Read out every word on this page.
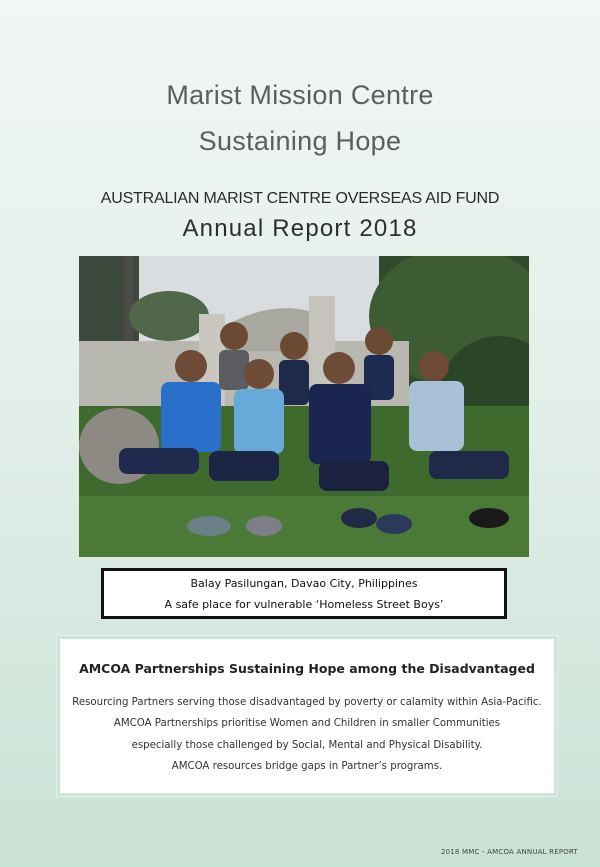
Marist Mission Centre
Sustaining Hope
AUSTRALIAN MARIST CENTRE OVERSEAS AID FUND
Annual Report 2018
Balay Pasilungan, Davao City, Philippines
A safe place for vulnerable ‘Homeless Street Boys’
AMCOA Partnerships Sustaining Hope among the Disadvantaged
Resourcing Partners serving those disadvantaged by poverty or calamity within Asia-Pacific.
AMCOA Partnerships prioritise Women and Children in smaller Communities
especially those challenged by Social, Mental and Physical Disability.
AMCOA resources bridge gaps in Partner’s programs.
2018 MMC - AMCOA ANNUAL REPORT
